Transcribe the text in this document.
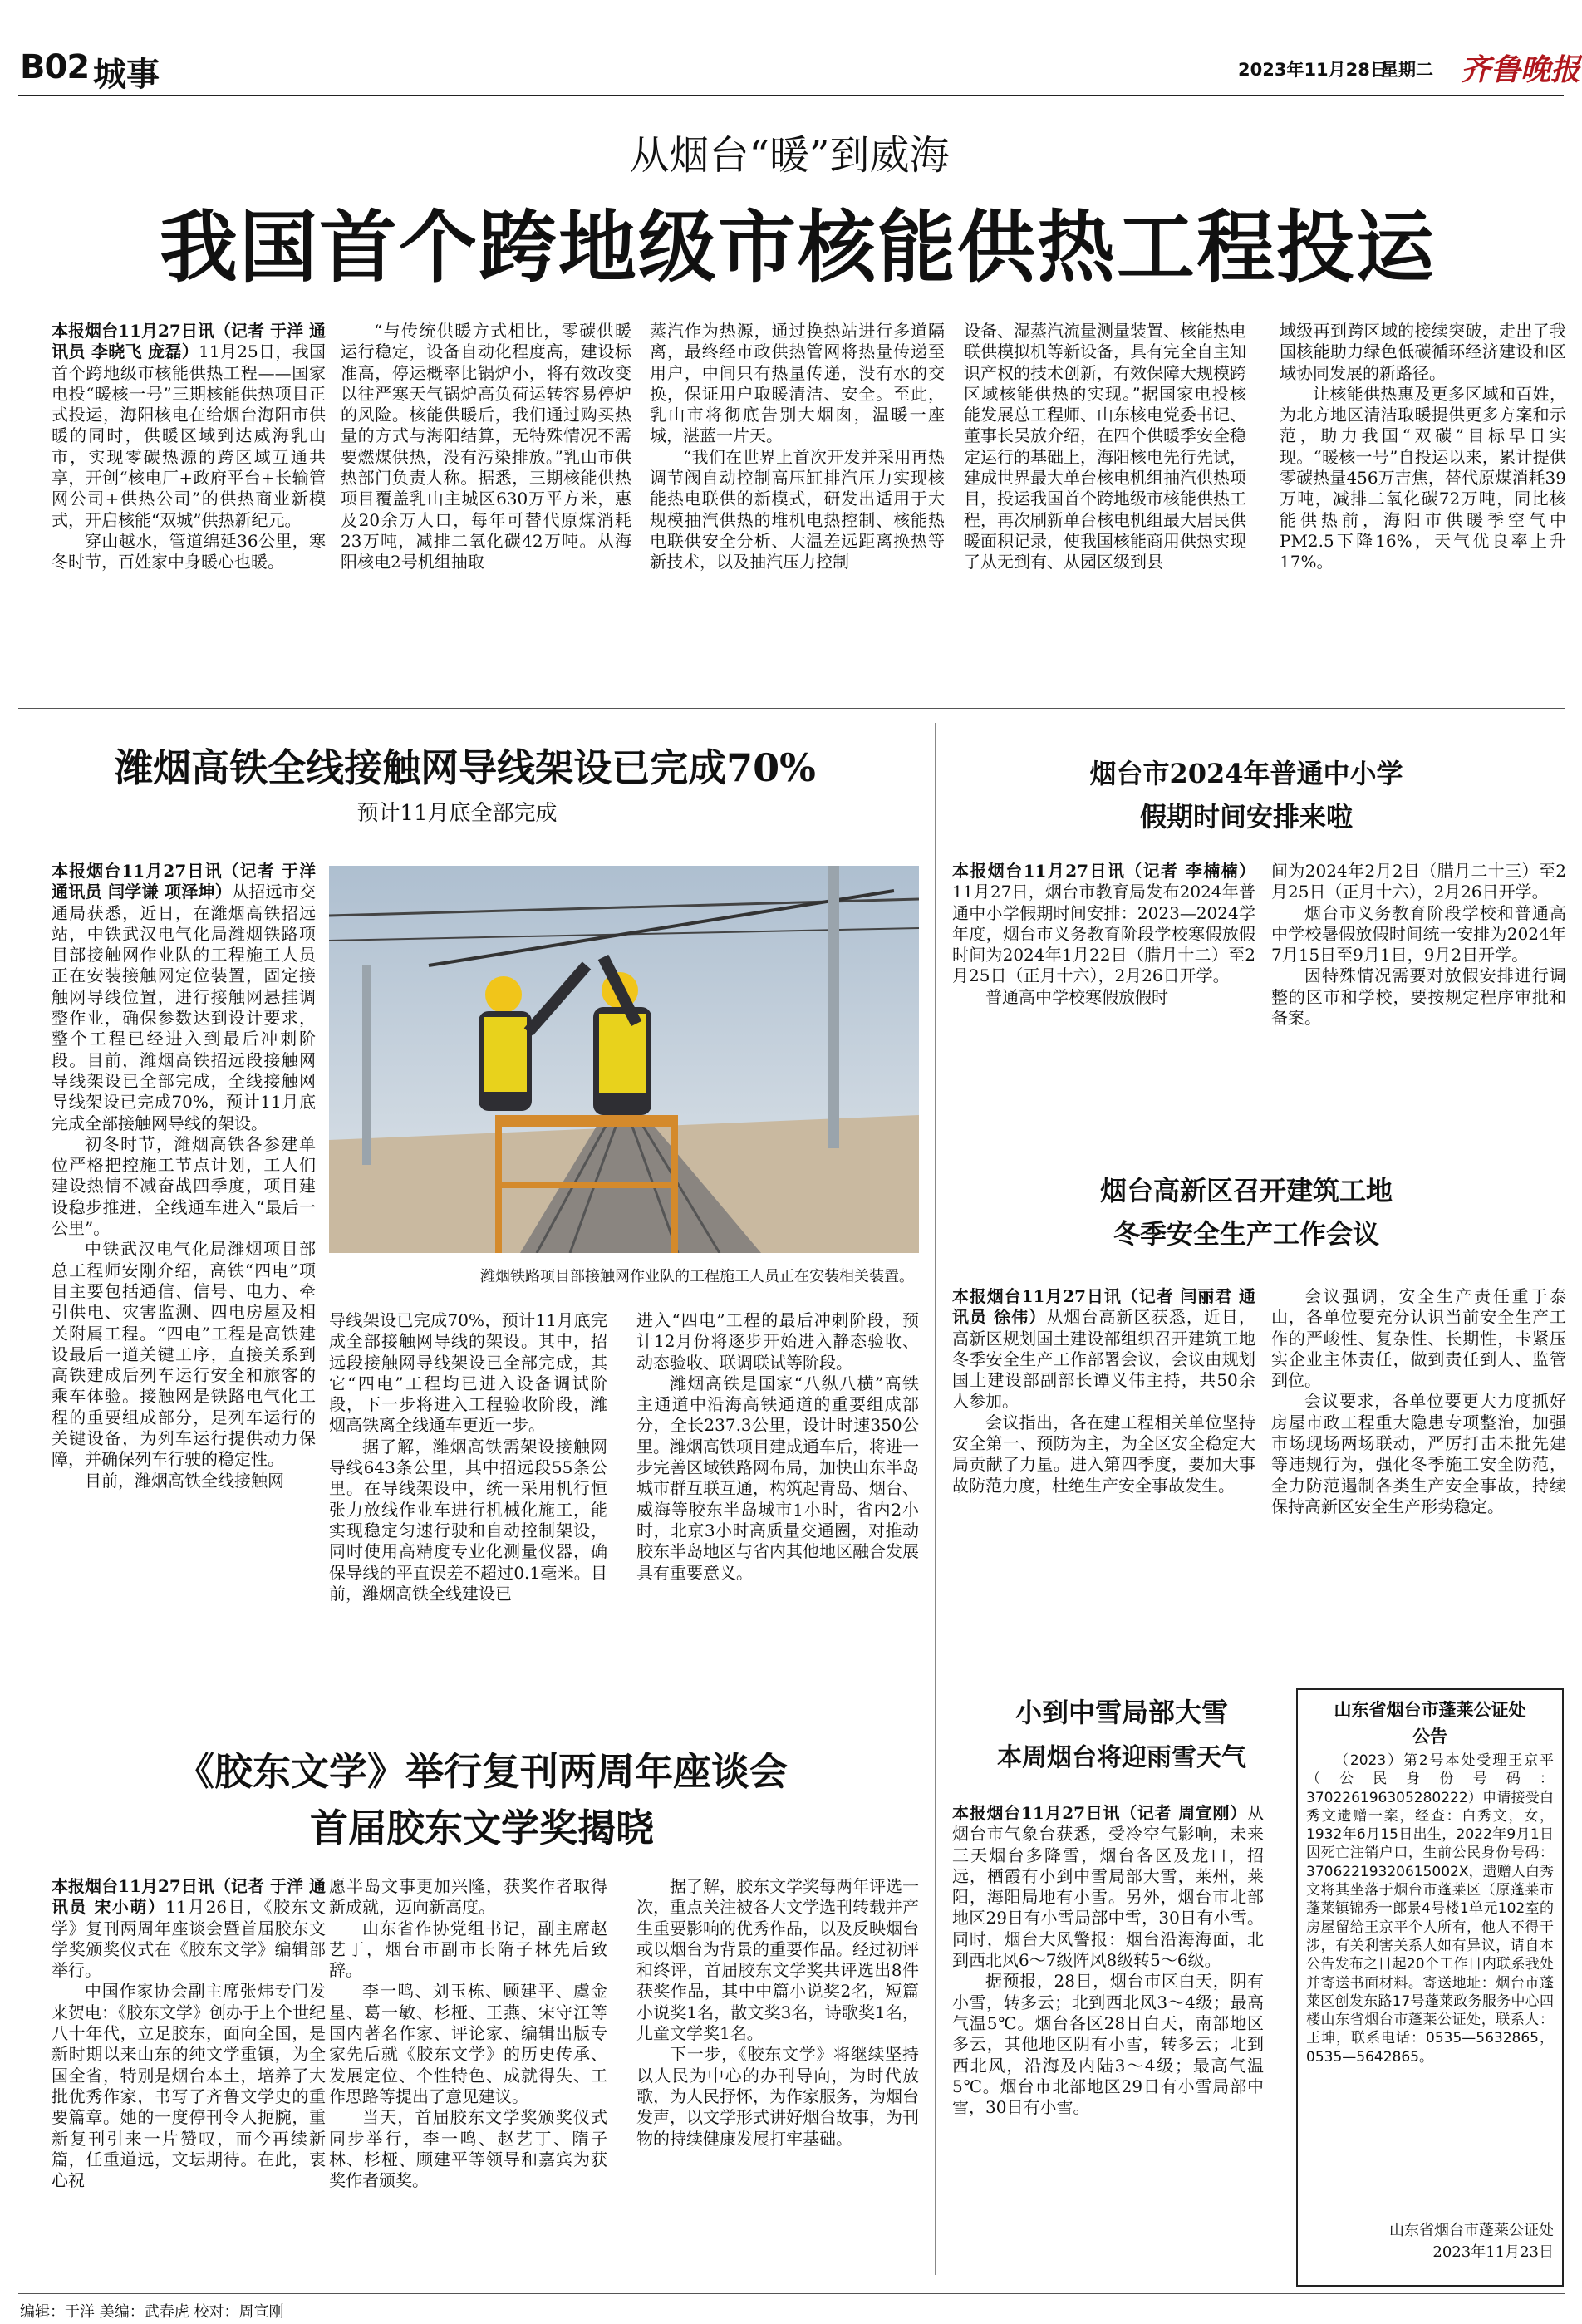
B02 城事	2023年11月28日
星期二 齐鲁晚报
从烟台“暖”到威海
我国首个跨地级市核能供热工程投运

本报烟台11月27日讯（记者 于洋 通讯员 李晓飞 庞磊）11月25日，我国首个跨地级市核能供热工程——国家电投“暖核一号”三期核能供热项目正式投运，海阳核电在给烟台海阳市供暖的同时，供暖区域到达威海乳山市，实现零碳热源的跨区域互通共享，开创“核电厂+政府平台+长输管网公司+供热公司”的供热商业新模式，开启核能“双城”供热新纪元。

穿山越水，管道绵延36公里，寒冬时节，百姓家中身暖心也暖。

“与传统供暖方式相比，零碳供暖运行稳定，设备自动化程度高，建设标准高，停运概率比锅炉小，将有效改变以往严寒天气锅炉高负荷运转容易停炉的风险。核能供暖后，我们通过购买热量的方式与海阳结算，无特殊情况不需要燃煤供热，没有污染排放。”乳山市供热部门负责人称。据悉，三期核能供热项目覆盖乳山主城区630万平方米，惠及20余万人口，每年可替代原煤消耗23万吨，减排二氧化碳42万吨。从海阳核电2号机组抽取

蒸汽作为热源，通过换热站进行多道隔离，最终经市政供热管网将热量传递至用户，中间只有热量传递，没有水的交换，保证用户取暖清洁、安全。至此，乳山市将彻底告别大烟囱，温暖一座城，湛蓝一片天。

“我们在世界上首次开发并采用再热调节阀自动控制高压缸排汽压力实现核能热电联供的新模式，研发出适用于大规模抽汽供热的堆机电热控制、核能热电联供安全分析、大温差远距离换热等新技术，以及抽汽压力控制

设备、湿蒸汽流量测量装置、核能热电联供模拟机等新设备，具有完全自主知识产权的技术创新，有效保障大规模跨区域核能供热的实现。”据国家电投核能发展总工程师、山东核电党委书记、董事长吴放介绍，在四个供暖季安全稳定运行的基础上，海阳核电先行先试，建成世界最大单台核电机组抽汽供热项目，投运我国首个跨地级市核能供热工程，再次刷新单台核电机组最大居民供暖面积记录，使我国核能商用供热实现了从无到有、从园区级到县

域级再到跨区域的接续突破，走出了我国核能助力绿色低碳循环经济建设和区域协同发展的新路径。

让核能供热惠及更多区域和百姓，为北方地区清洁取暖提供更多方案和示范，助力我国“双碳”目标早日实现。“暖核一号”自投运以来，累计提供零碳热量456万吉焦，替代原煤消耗39万吨，减排二氧化碳72万吨，同比核能供热前，海阳市供暖季空气中PM2.5下降16%，天气优良率上升17%。

潍烟高铁全线接触网导线架设已完成70%
预计11月底全部完成

本报烟台11月27日讯（记者 于洋 通讯员 闫学谦 项泽坤）从招远市交通局获悉，近日，在潍烟高铁招远站，中铁武汉电气化局潍烟铁路项目部接触网作业队的工程施工人员正在安装接触网定位装置，固定接触网导线位置，进行接触网悬挂调整作业，确保参数达到设计要求，整个工程已经进入到最后冲刺阶段。目前，潍烟高铁招远段接触网导线架设已全部完成，全线接触网导线架设已完成70%，预计11月底完成全部接触网导线的架设。

初冬时节，潍烟高铁各参建单位严格把控施工节点计划，工人们建设热情不减奋战四季度，项目建设稳步推进，全线通车进入“最后一公里”。

中铁武汉电气化局潍烟项目部总工程师安刚介绍，高铁“四电”项目主要包括通信、信号、电力、牵引供电、灾害监测、四电房屋及相关附属工程。“四电”工程是高铁建设最后一道关键工序，直接关系到高铁建成后列车运行安全和旅客的乘车体验。接触网是铁路电气化工程的重要组成部分，是列车运行的关键设备，为列车运行提供动力保障，并确保列车行驶的稳定性。

目前，潍烟高铁全线接触网

潍烟铁路项目部接触网作业队的工程施工人员正在安装相关装置。

导线架设已完成70%，预计11月底完成全部接触网导线的架设。其中，招远段接触网导线架设已全部完成，其它“四电”工程均已进入设备调试阶段，下一步将进入工程验收阶段，潍烟高铁离全线通车更近一步。

据了解，潍烟高铁需架设接触网导线643条公里，其中招远段55条公里。在导线架设中，统一采用机行恒张力放线作业车进行机械化施工，能实现稳定匀速行驶和自动控制架设，同时使用高精度专业化测量仪器，确保导线的平直误差不超过0.1毫米。目前，潍烟高铁全线建设已

进入“四电”工程的最后冲刺阶段，预计12月份将逐步开始进入静态验收、动态验收、联调联试等阶段。

潍烟高铁是国家“八纵八横”高铁主通道中沿海高铁通道的重要组成部分，全长237.3公里，设计时速350公里。潍烟高铁项目建成通车后，将进一步完善区域铁路网布局，加快山东半岛城市群互联互通，构筑起青岛、烟台、威海等胶东半岛城市1小时，省内2小时，北京3小时高质量交通圈，对推动胶东半岛地区与省内其他地区融合发展具有重要意义。

烟台市2024年普通中小学
假期时间安排来啦

本报烟台11月27日讯（记者 李楠楠）11月27日，烟台市教育局发布2024年普通中小学假期时间安排：2023—2024学年度，烟台市义务教育阶段学校寒假放假时间为2024年1月22日（腊月十二）至2月25日（正月十六），2月26日开学。

普通高中学校寒假放假时

间为2024年2月2日（腊月二十三）至2月25日（正月十六），2月26日开学。

烟台市义务教育阶段学校和普通高中学校暑假放假时间统一安排为2024年7月15日至9月1日，9月2日开学。

因特殊情况需要对放假安排进行调整的区市和学校，要按规定程序审批和备案。

烟台高新区召开建筑工地
冬季安全生产工作会议

本报烟台11月27日讯（记者 闫丽君 通讯员 徐伟）从烟台高新区获悉，近日，高新区规划国土建设部组织召开建筑工地冬季安全生产工作部署会议，会议由规划国土建设部副部长谭义伟主持，共50余人参加。

会议指出，各在建工程相关单位坚持安全第一、预防为主，为全区安全稳定大局贡献了力量。进入第四季度，要加大事故防范力度，杜绝生产安全事故发生。

会议强调，安全生产责任重于泰山，各单位要充分认识当前安全生产工作的严峻性、复杂性、长期性，卡紧压实企业主体责任，做到责任到人、监管到位。

会议要求，各单位要更大力度抓好房屋市政工程重大隐患专项整治，加强市场现场两场联动，严厉打击未批先建等违规行为，强化冬季施工安全防范，全力防范遏制各类生产安全事故，持续保持高新区安全生产形势稳定。

《胶东文学》举行复刊两周年座谈会
首届胶东文学奖揭晓

本报烟台11月27日讯（记者 于洋 通讯员 宋小萌）11月26日，《胶东文学》复刊两周年座谈会暨首届胶东文学奖颁奖仪式在《胶东文学》编辑部举行。

中国作家协会副主席张炜专门发来贺电：《胶东文学》创办于上个世纪八十年代，立足胶东，面向全国，是新时期以来山东的纯文学重镇，为全国全省，特别是烟台本土，培养了大批优秀作家，书写了齐鲁文学史的重要篇章。她的一度停刊令人扼腕，重新复刊引来一片赞叹，而今再续新篇，任重道远，文坛期待。在此，衷心祝

愿半岛文事更加兴隆，获奖作者取得新成就，迈向新高度。

山东省作协党组书记，副主席赵艺丁，烟台市副市长隋子林先后致辞。

李一鸣、刘玉栋、顾建平、虞金星、葛一敏、杉桠、王燕、宋守江等国内著名作家、评论家、编辑出版专家先后就《胶东文学》的历史传承、发展定位、个性特色、成就得失、工作思路等提出了意见建议。

当天，首届胶东文学奖颁奖仪式同步举行，李一鸣、赵艺丁、隋子林、杉桠、顾建平等领导和嘉宾为获奖作者颁奖。

据了解，胶东文学奖每两年评选一次，重点关注被各大文学选刊转载并产生重要影响的优秀作品，以及反映烟台或以烟台为背景的重要作品。经过初评和终评，首届胶东文学奖共评选出8件获奖作品，其中中篇小说奖2名，短篇小说奖1名，散文奖3名，诗歌奖1名，儿童文学奖1名。

下一步，《胶东文学》将继续坚持以人民为中心的办刊导向，为时代放歌，为人民抒怀，为作家服务，为烟台发声，以文学形式讲好烟台故事，为刊物的持续健康发展打牢基础。

小到中雪局部大雪
本周烟台将迎雨雪天气

本报烟台11月27日讯（记者 周宣刚）从烟台市气象台获悉，受冷空气影响，未来三天烟台多降雪，烟台各区及龙口，招远，栖霞有小到中雪局部大雪，莱州，莱阳，海阳局地有小雪。另外，烟台市北部地区29日有小雪局部中雪，30日有小雪。同时，烟台大风警报：烟台沿海海面，北到西北风6～7级阵风8级转5～6级。

据预报，28日，烟台市区白天，阴有小雪，转多云；北到西北风3～4级；最高气温5℃。烟台各区28日白天，南部地区多云，其他地区阴有小雪，转多云；北到西北风，沿海及内陆3～4级；最高气温5℃。烟台市北部地区29日有小雪局部中雪，30日有小雪。

山东省烟台市蓬莱公证处
公告
（2023）第2号本处受理王京平（公民身份号码：370226196305280222）申请接受白秀文遗赠一案，经查：白秀文，女，1932年6月15日出生，2022年9月1日因死亡注销户口，生前公民身份号码：37062219320615002X，遗赠人白秀文将其坐落于烟台市蓬莱区（原蓬莱市蓬莱镇锦秀一郎景4号楼1单元102室的房屋留给王京平个人所有，他人不得干涉，有关利害关系人如有异议，请自本公告发布之日起20个工作日内联系我处并寄送书面材料。寄送地址：烟台市蓬莱区创发东路17号蓬莱政务服务中心四楼山东省烟台市蓬莱公证处，联系人：王坤，联系电话：0535—5632865，0535—5642865。
山东省烟台市蓬莱公证处
2023年11月23日
编辑：于洋 美编：武春虎 校对：周宣刚
